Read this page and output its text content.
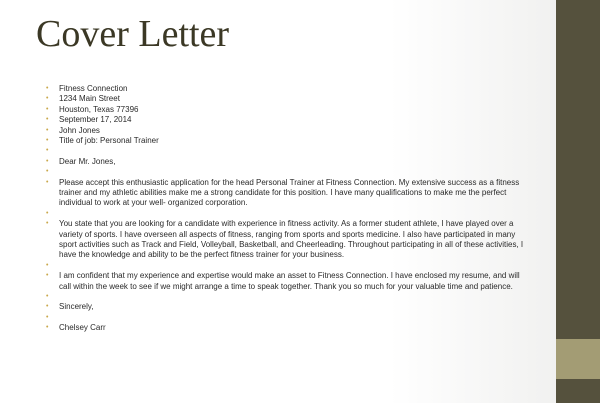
Cover Letter
• Fitness Connection
• 1234 Main Street
• Houston, Texas 77396
• September 17, 2014
• John Jones
• Title of job: Personal Trainer
•
• Dear Mr. Jones,
•
• Please accept this enthusiastic application for the head Personal Trainer at Fitness Connection. My extensive success as a fitness trainer and my athletic abilities make me a strong candidate for this position. I have many qualifications to make me the perfect individual to work at your well- organized corporation.
•
• You state that you are looking for a candidate with experience in fitness activity. As a former student athlete, I have played over a variety of sports. I have overseen all aspects of fitness, ranging from sports and sports medicine. I also have participated in many sport activities such as Track and Field, Volleyball, Basketball, and Cheerleading. Throughout participating in all of these activities, I have the knowledge and ability to be the perfect fitness trainer for your business.
•
• I am confident that my experience and expertise would make an asset to Fitness Connection. I have enclosed my resume, and will call within the week to see if we might arrange a time to speak together. Thank you so much for your valuable time and patience.
•
• Sincerely,
•
• Chelsey Carr
